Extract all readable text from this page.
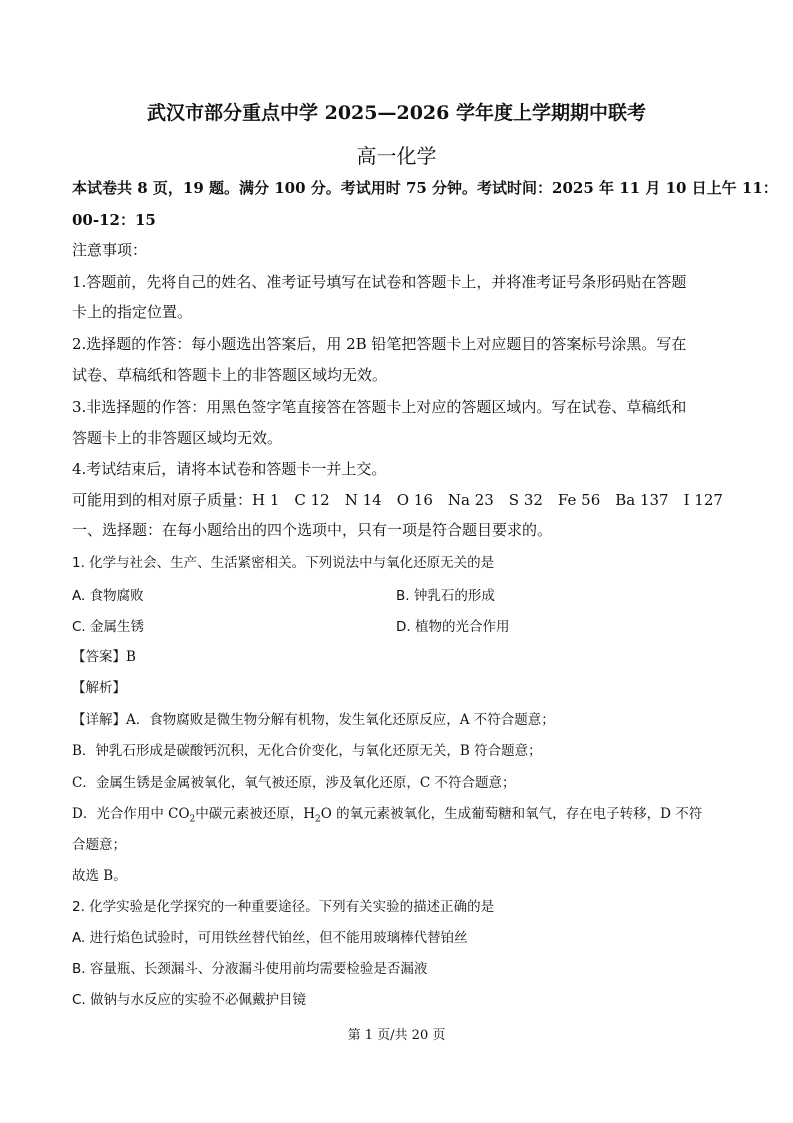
武汉市部分重点中学 2025—2026 学年度上学期期中联考
高一化学
本试卷共 8 页，19 题。满分 100 分。考试用时 75 分钟。考试时间：2025 年 11 月 10 日上午 11：
00-12：15
注意事项：
1.答题前，先将自己的姓名、准考证号填写在试卷和答题卡上，并将准考证号条形码贴在答题
卡上的指定位置。
2.选择题的作答：每小题选出答案后，用 2B 铅笔把答题卡上对应题目的答案标号涂黑。写在
试卷、草稿纸和答题卡上的非答题区域均无效。
3.非选择题的作答：用黑色签字笔直接答在答题卡上对应的答题区域内。写在试卷、草稿纸和
答题卡上的非答题区域均无效。
4.考试结束后，请将本试卷和答题卡一并上交。
可能用到的相对原子质量：H 1　C 12　N 14　O 16　Na 23　S 32　Fe 56　Ba 137　I 127
一、选择题：在每小题给出的四个选项中，只有一项是符合题目要求的。
1. 化学与社会、生产、生活紧密相关。下列说法中与氧化还原无关的是
A. 食物腐败	B. 钟乳石的形成
C. 金属生锈	D. 植物的光合作用
【答案】B
【解析】
【详解】A．食物腐败是微生物分解有机物，发生氧化还原反应，A 不符合题意；
B．钟乳石形成是碳酸钙沉积，无化合价变化，与氧化还原无关，B 符合题意；
C．金属生锈是金属被氧化，氧气被还原，涉及氧化还原，C 不符合题意；
D．光合作用中 $CO_2$中碳元素被还原，$H_2O$ 的氧元素被氧化，生成葡萄糖和氧气，存在电子转移，D 不符
合题意；
故选 B。
2. 化学实验是化学探究的一种重要途径。下列有关实验的描述正确的是
A. 进行焰色试验时，可用铁丝替代铂丝，但不能用玻璃棒代替铂丝
B. 容量瓶、长颈漏斗、分液漏斗使用前均需要检验是否漏液
C. 做钠与水反应的实验不必佩戴护目镜
第 1 页/共 20 页
